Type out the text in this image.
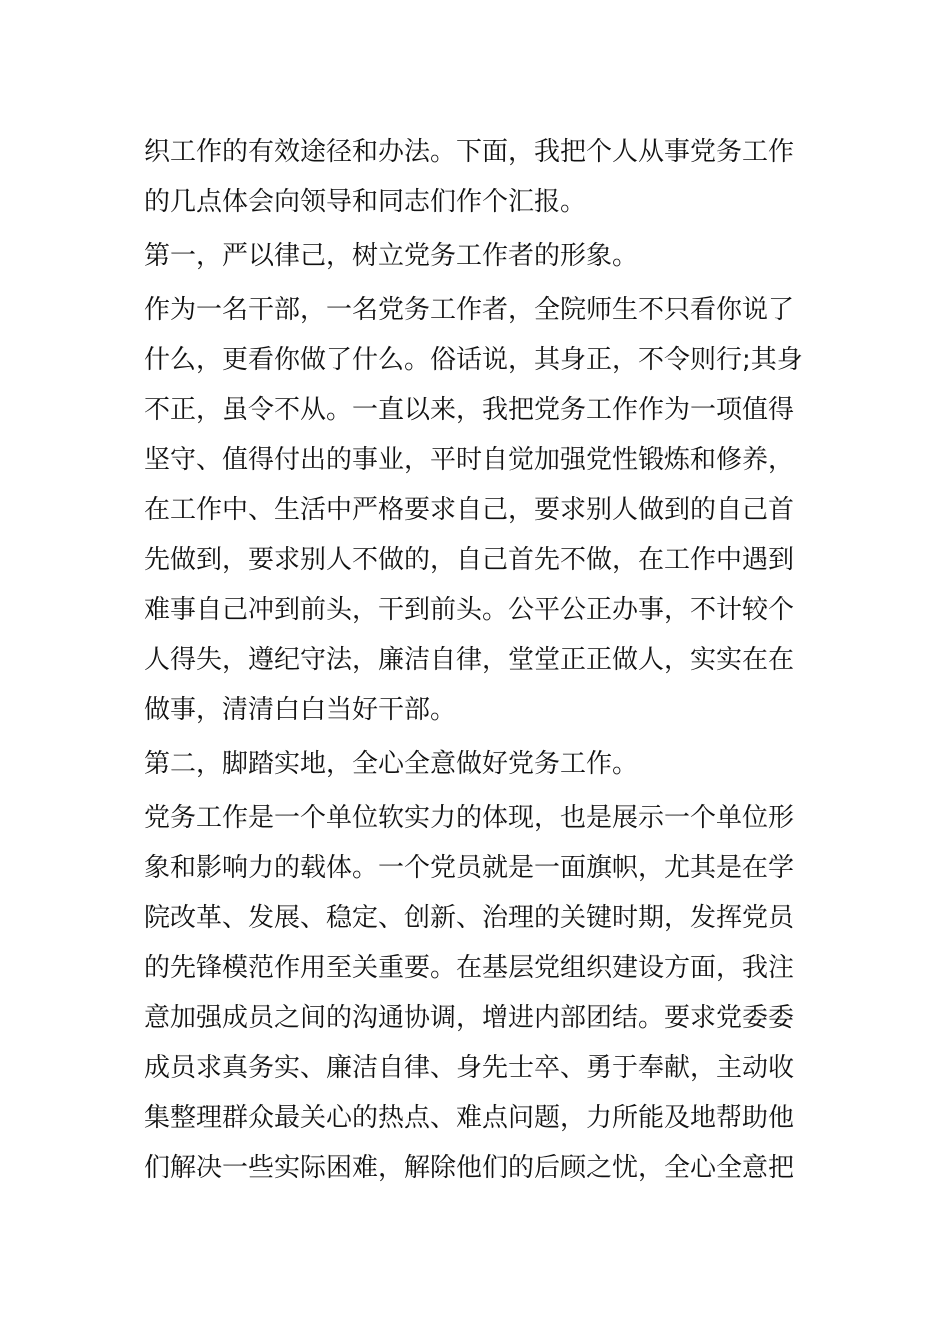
织工作的有效途径和办法。下面，我把个人从事党务工作
的几点体会向领导和同志们作个汇报。
第一，严以律己，树立党务工作者的形象。
作为一名干部，一名党务工作者，全院师生不只看你说了
什么，更看你做了什么。俗话说，其身正，不令则行;其身
不正，虽令不从。一直以来，我把党务工作作为一项值得
坚守、值得付出的事业，平时自觉加强党性锻炼和修养，
在工作中、生活中严格要求自己，要求别人做到的自己首
先做到，要求别人不做的，自己首先不做，在工作中遇到
难事自己冲到前头，干到前头。公平公正办事，不计较个
人得失，遵纪守法，廉洁自律，堂堂正正做人，实实在在
做事，清清白白当好干部。
第二，脚踏实地，全心全意做好党务工作。
党务工作是一个单位软实力的体现，也是展示一个单位形
象和影响力的载体。一个党员就是一面旗帜，尤其是在学
院改革、发展、稳定、创新、治理的关键时期，发挥党员
的先锋模范作用至关重要。在基层党组织建设方面，我注
意加强成员之间的沟通协调，增进内部团结。要求党委委
成员求真务实、廉洁自律、身先士卒、勇于奉献，主动收
集整理群众最关心的热点、难点问题，力所能及地帮助他
们解决一些实际困难，解除他们的后顾之忧，全心全意把
